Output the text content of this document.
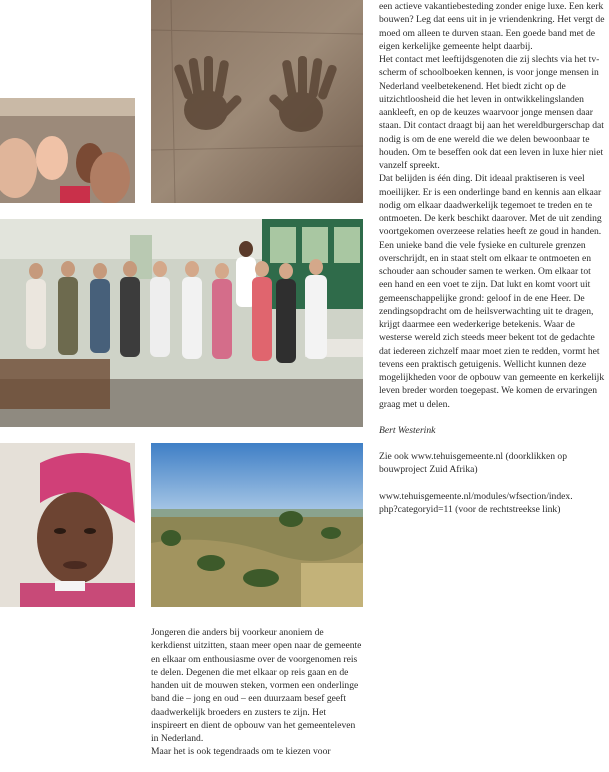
een actieve vakantiebesteding zonder enige luxe. Een kerk bouwen? Leg dat eens uit in je vriendenkring. Het vergt de moed om alleen te durven staan. Een goede band met de eigen kerkelijke gemeente helpt daarbij.

Het contact met leeftijdsgenoten die zij slechts via het tv-scherm of schoolboeken kennen, is voor jonge mensen in Nederland veelbetekenend. Het biedt zicht op de uitzichtloosheid die het leven in ontwikkelingslanden aankleeft, en op de keuzes waarvoor jonge mensen daar staan. Dit contact draagt bij aan het wereldburgerschap dat nodig is om de ene wereld die we delen bewoonbaar te houden. Om te beseffen ook dat een leven in luxe hier niet vanzelf spreekt.

Dat belijden is één ding. Dit ideaal praktiseren is veel moeilijker. Er is een onderlinge band en kennis aan elkaar nodig om elkaar daadwerkelijk tegemoet te treden en te ontmoeten. De kerk beschikt daarover. Met de uit zending voortgekomen overzeese relaties heeft ze goud in handen. Een unieke band die vele fysieke en culturele grenzen overschrijdt, en in staat stelt om elkaar te ontmoeten en schouder aan schouder samen te werken. Om elkaar tot een hand en een voet te zijn. Dat lukt en komt voort uit gemeenschappelijke grond: geloof in de ene Heer. De zendingsopdracht om de heilsverwachting uit te dragen, krijgt daarmee een wederkerige betekenis. Waar de westerse wereld zich steeds meer bekent tot de gedachte dat iedereen zichzelf maar moet zien te redden, vormt het tevens een praktisch getuigenis. Wellicht kunnen deze mogelijkheden voor de opbouw van gemeente en kerkelijk leven breder worden toegepast. We komen de ervaringen graag met u delen.

Bert Westerink

Zie ook www.tehuisgemeente.nl (doorklikken op bouwproject Zuid Afrika)

www.tehuisgemeente.nl/modules/wfsection/index.
php?categoryid=11 (voor de rechtstreekse link)

Jongeren die anders bij voorkeur anoniem de kerkdienst uitzitten, staan meer open naar de gemeente en elkaar om enthousiasme over de voorgenomen reis te delen. Degenen die met elkaar op reis gaan en de handen uit de mouwen steken, vormen een onderlinge band die – jong en oud – een duurzaam besef geeft daadwerkelijk broeders en zusters te zijn. Het inspireert en dient de opbouw van het gemeenteleven in Nederland.

Maar het is ook tegendraads om te kiezen voor
